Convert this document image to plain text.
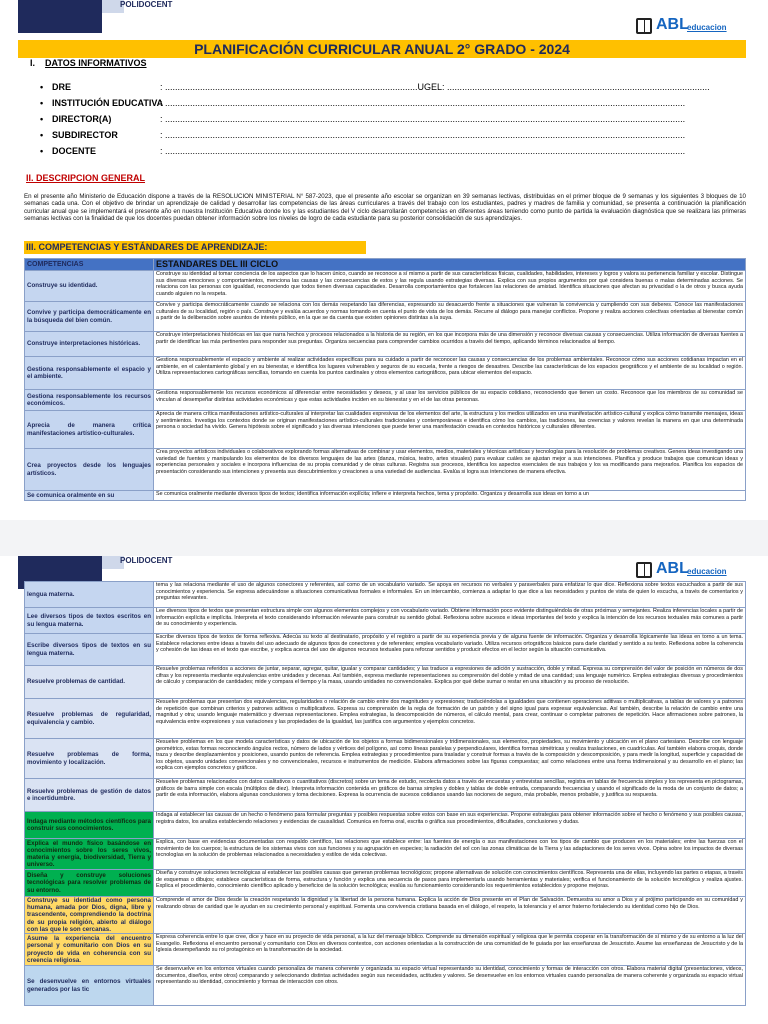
POLIDOCENT
ABL
educacion
PLANIFICACIÓN CURRICULAR ANUAL 2° GRADO - 2024
I. DATOS INFORMATIVOS
• DRE	: .....................................................................................................UGEL: .........................................................................................................
• INSTITUCIÓN EDUCATIVA
: ................................................................................................................................................................................................................
• DIRECTOR(A)	: ................................................................................................................................................................................................................
• SUBDIRECTOR	: ................................................................................................................................................................................................................
• DOCENTE	: ................................................................................................................................................................................................................
II. DESCRIPCION GENERAL
En el presente año Ministerio de Educación dispone a través de la RESOLUCION MINISTERIAL N° 587-2023, que el presente año escolar se organizan en 39 semanas lectivas, distribuidas en el primer bloque de 9 semanas y los siguientes 3 bloques de 10 semanas cada una. Con el objetivo de brindar un aprendizaje de calidad y desarrollar las competencias de las áreas curriculares a través del trabajo con los estudiantes, padres y madres de familia y comunidad, se presenta a continuación la planificación curricular anual que se implementará el presente año en nuestra Institución Educativa donde los y las estudiantes del V ciclo desarrollarán competencias en diferentes áreas teniendo como punto de partida la evaluación diagnóstica que se realizara las primeras semanas lectivas con la finalidad de que los docentes puedan obtener información sobre los niveles de logro de cada estudiante para su posterior consolidación de sus aprendizajes.
III. COMPETENCIAS Y ESTÁNDARES DE APRENDIZAJE:
COMPETENCIAS	ESTANDARES DEL III CICLO
Construye su identidad.	Construye su identidad al tomar conciencia de los aspectos que lo hacen único, cuando se reconoce a sí mismo a partir de sus características físicas, cualidades, habilidades, intereses y logros y valora su pertenencia familiar y escolar. Distingue sus diversas emociones y comportamientos, menciona las causas y las consecuencias de estos y las regula usando estrategias diversas. Explica con sus propios argumentos por qué considera buenas o malas determinadas acciones. Se relaciona con las personas con igualdad, reconociendo que todos tienen diversas capacidades. Desarrolla comportamientos que fortalecen las relaciones de amistad. Identifica situaciones que afectan su privacidad o la de otros y busca ayuda cuando alguien no la respeta.
Convive y participa democráticamente en la búsqueda del bien común.	Convive y participa democráticamente cuando se relaciona con los demás respetando las diferencias, expresando su desacuerdo frente a situaciones que vulneran la convivencia y cumpliendo con sus deberes. Conoce las manifestaciones culturales de su localidad, región o país. Construye y evalúa acuerdos y normas tomando en cuenta el punto de vista de los demás. Recurre al diálogo para manejar conflictos. Propone y realiza acciones colectivas orientadas al bienestar común a partir de la deliberación sobre asuntos de interés público, en la que se da cuenta que existen opiniones distintas a la suya.
Construye interpretaciones históricas.	Construye interpretaciones históricas en las que narra hechos y procesos relacionados a la historia de su región, en los que incorpora más de una dimensión y reconoce diversas causas y consecuencias. Utiliza información de diversas fuentes a partir de identificar las más pertinentes para responder sus preguntas. Organiza secuencias para comprender cambios ocurridos a través del tiempo, aplicando términos relacionados al tiempo.
Gestiona responsablemente el espacio y el ambiente.	Gestiona responsablemente el espacio y ambiente al realizar actividades específicas para su cuidado a partir de reconocer las causas y consecuencias de los problemas ambientales. Reconoce cómo sus acciones cotidianas impactan en el ambiente, en el calentamiento global y en su bienestar, e identifica los lugares vulnerables y seguros de su escuela, frente a riesgos de desastres. Describe las características de los espacios geográficos y el ambiente de su localidad o región. Utiliza representaciones cartográficas sencillas, tomando en cuenta los puntos cardinales y otros elementos cartográficos, para ubicar elementos del espacio.
Gestiona responsablemente los recursos económicos.	Gestiona responsablemente los recursos económicos al diferenciar entre necesidades y deseos, y al usar los servicios públicos de su espacio cotidiano, reconociendo que tienen un costo. Reconoce que los miembros de su comunidad se vinculan al desempeñar distintas actividades económicas y que estas actividades inciden en su bienestar y en el de las otras personas.
Aprecia de manera crítica manifestaciones artístico-culturales.	Aprecia de manera crítica manifestaciones artístico-culturales al interpretar las cualidades expresivas de los elementos del arte, la estructura y los medios utilizados en una manifestación artístico-cultural y explica cómo transmite mensajes, ideas y sentimientos. Investiga los contextos donde se originan manifestaciones artístico-culturales tradicionales y contemporáneas e identifica cómo los cambios, las tradiciones, las creencias y valores revelan la manera en que una determinada persona o sociedad ha vivido. Genera hipótesis sobre el significado y las diversas intenciones que puede tener una manifestación creada en contextos históricos y culturales diferentes.
Crea proyectos desde los lenguajes artísticos.	Crea proyectos artísticos individuales o colaborativos explorando formas alternativas de combinar y usar elementos, medios, materiales y técnicas artísticas y tecnologías para la resolución de problemas creativos. Genera ideas investigando una variedad de fuentes y manipulando los elementos de los diversos lenguajes de las artes (danza, música, teatro, artes visuales) para evaluar cuáles se ajustan mejor a sus intenciones. Planifica y produce trabajos que comunican ideas y experiencias personales y sociales e incorpora influencias de su propia comunidad y de otras culturas. Registra sus procesos, identifica los aspectos esenciales de sus trabajos y los va modificando para mejorarlos. Planifica los espacios de presentación considerando sus intenciones y presenta sus descubrimientos y creaciones a una variedad de audiencias. Evalúa si logra sus intenciones de manera efectiva.
Se comunica oralmente en su	Se comunica oralmente mediante diversos tipos de textos; identifica información explícita; infiere e interpreta hechos, tema y propósito. Organiza y desarrolla sus ideas en torno a un
POLIDOCENT	ABL
educacion
lengua materna.	tema y las relaciona mediante el uso de algunos conectores y referentes, así como de un vocabulario variado. Se apoya en recursos no verbales y paraverbales para enfatizar lo que dice. Reflexiona sobre textos escuchados a partir de sus conocimientos y experiencia. Se expresa adecuándose a situaciones comunicativas formales e informales. En un intercambio, comienza a adaptar lo que dice a las necesidades y puntos de vista de quien lo escucha, a través de comentarios y preguntas relevantes.
Lee diversos tipos de textos escritos en su lengua materna.	Lee diversos tipos de textos que presentan estructura simple con algunos elementos complejos y con vocabulario variado. Obtiene información poco evidente distinguiéndola de otras próximas y semejantes. Realiza inferencias locales a partir de información explícita e implícita. Interpreta el texto considerando información relevante para construir su sentido global. Reflexiona sobre sucesos e ideas importantes del texto y explica la intención de los recursos textuales más comunes a partir de su conocimiento y experiencia.
Escribe diversos tipos de textos en su lengua materna.	Escribe diversos tipos de textos de forma reflexiva. Adecúa su texto al destinatario, propósito y el registro a partir de su experiencia previa y de alguna fuente de información. Organiza y desarrolla lógicamente las ideas en torno a un tema. Establece relaciones entre ideas a través del uso adecuado de algunos tipos de conectores y de referentes; emplea vocabulario variado. Utiliza recursos ortográficos básicos para darle claridad y sentido a su texto. Reflexiona sobre la coherencia y cohesión de las ideas en el texto que escribe, y explica acerca del uso de algunos recursos textuales para reforzar sentidos y producir efectos en el lector según la situación comunicativa.
Resuelve problemas de cantidad.	Resuelve problemas referidos a acciones de juntar, separar, agregar, quitar, igualar y comparar cantidades; y las traduce a expresiones de adición y sustracción, doble y mitad. Expresa su comprensión del valor de posición en números de dos cifras y los representa mediante equivalencias entre unidades y decenas. Así también, expresa mediante representaciones su comprensión del doble y mitad de una cantidad; usa lenguaje numérico. Emplea estrategias diversas y procedimientos de cálculo y comparación de cantidades; mide y compara el tiempo y la masa, usando unidades no convencionales. Explica por qué debe sumar o restar en una situación y su proceso de resolución.
Resuelve problemas de regularidad, equivalencia y cambio.	Resuelve problemas que presentan dos equivalencias, regularidades o relación de cambio entre dos magnitudes y expresiones; traduciéndolas a igualdades que contienen operaciones aditivas o multiplicativas, a tablas de valores y a patrones de repetición que combinan criterios y patrones aditivos o multiplicativos. Expresa su comprensión de la regla de formación de un patrón y del signo igual para expresar equivalencias. Así también, describe la relación de cambio entre una magnitud y otra; usando lenguaje matemático y diversas representaciones. Emplea estrategias, la descomposición de números, el cálculo mental, para crear, continuar o completar patrones de repetición. Hace afirmaciones sobre patrones, la equivalencia entre expresiones y sus variaciones y las propiedades de la igualdad, las justifica con argumentos y ejemplos concretos.
Resuelve problemas de forma, movimiento y localización.	Resuelve problemas en los que modela características y datos de ubicación de los objetos a formas bidimensionales y tridimensionales, sus elementos, propiedades, su movimiento y ubicación en el plano cartesiano. Describe con lenguaje geométrico, estas formas reconociendo ángulos rectos, número de lados y vértices del polígono, así como líneas paralelas y perpendiculares, identifica formas simétricas y realiza traslaciones, en cuadrículas. Así también elabora croquis, donde traza y describe desplazamientos y posiciones, usando puntos de referencia. Emplea estrategias y procedimientos para trasladar y construir formas a través de la composición y descomposición, y para medir la longitud, superficie y capacidad de los objetos, usando unidades convencionales y no convencionales, recursos e instrumentos de medición. Elabora afirmaciones sobre las figuras compuestas; así como relaciones entre una forma tridimensional y su desarrollo en el plano; las explica con ejemplos concretos y gráficos.
Resuelve problemas de gestión de datos e incertidumbre.	Resuelve problemas relacionados con datos cualitativos o cuantitativos (discretos) sobre un tema de estudio, recolecta datos a través de encuestas y entrevistas sencillas, registra en tablas de frecuencia simples y los representa en pictogramas, gráficos de barra simple con escala (múltiplos de diez). Interpreta información contenida en gráficos de barras simples y dobles y tablas de doble entrada, comparando frecuencias y usando el significado de la moda de un conjunto de datos; a partir de esta información, elabora algunas conclusiones y toma decisiones. Expresa la ocurrencia de sucesos cotidianos usando las nociones de seguro, más probable, menos probable, y justifica su respuesta.
Indaga mediante métodos científicos para construir sus conocimientos.	Indaga al establecer las causas de un hecho o fenómeno para formular preguntas y posibles respuestas sobre estos con base en sus experiencias. Propone estrategias para obtener información sobre el hecho o fenómeno y sus posibles causas, registra datos, los analiza estableciendo relaciones y evidencias de causalidad. Comunica en forma oral, escrita o gráfica sus procedimientos, dificultades, conclusiones y dudas.
Explica el mundo físico basándose en conocimientos sobre los seres vivos, materia y energía, biodiversidad, Tierra y universo.	Explica, con base en evidencias documentadas con respaldo científico, las relaciones que establece entre: las fuentes de energía o sus manifestaciones con los tipos de cambio que producen en los materiales; entre las fuerzas con el movimiento de los cuerpos; la estructura de los sistemas vivos con sus funciones y su agrupación en especies; la radiación del sol con las zonas climáticas de la Tierra y las adaptaciones de los seres vivos. Opina sobre los impactos de diversas tecnologías en la solución de problemas relacionados a necesidades y estilos de vida colectivas.
Diseña y construye soluciones tecnológicas para resolver problemas de su entorno.	Diseña y construye soluciones tecnológicas al establecer las posibles causas que generan problemas tecnológicos; propone alternativas de solución con conocimientos científicos. Representa una de ellas, incluyendo las partes o etapas, a través de esquemas o dibujos; establece características de forma, estructura y función y explica una secuencia de pasos para implementarla usando herramientas y materiales; verifica el funcionamiento de la solución tecnológica y realiza ajustes. Explica el procedimiento, conocimiento científico aplicado y beneficios de la solución tecnológica; evalúa su funcionamiento considerando los requerimientos establecidos y propone mejoras.
Construye su identidad como persona humana, amada por Dios, digna, libre y trascendente, comprendiendo la doctrina de su propia religión, abierto al diálogo con las que le son cercanas.	Comprende el amor de Dios desde la creación respetando la dignidad y la libertad de la persona humana. Explica la acción de Dios presente en el Plan de Salvación. Demuestra su amor a Dios y al prójimo participando en su comunidad y realizando obras de caridad que le ayudan en su crecimiento personal y espiritual. Fomenta una convivencia cristiana basada en el diálogo, el respeto, la tolerancia y el amor fraterno fortaleciendo su identidad como hijo de Dios.
Asume la experiencia del encuentro personal y comunitario con Dios en su proyecto de vida en coherencia con su creencia religiosa.	Expresa coherencia entre lo que cree, dice y hace en su proyecto de vida personal, a la luz del mensaje bíblico. Comprende su dimensión espiritual y religiosa que le permita cooperar en la transformación de sí mismo y de su entorno a la luz del Evangelio. Reflexiona el encuentro personal y comunitario con Dios en diversos contextos, con acciones orientadas a la construcción de una comunidad de fe guiada por las enseñanzas de Jesucristo. Asume las enseñanzas de Jesucristo y de la Iglesia desempeñando su rol protagónico en la transformación de la sociedad.
Se desenvuelve en entornos virtuales generados por las tic	Se desenvuelve en los entornos virtuales cuando personaliza de manera coherente y organizada su espacio virtual representando su identidad, conocimiento y formas de interacción con otros. Elabora material digital (presentaciones, videos, documentos, diseños, entre otros) comparando y seleccionando distintas actividades según sus necesidades, actitudes y valores. Se desenvuelve en los entornos virtuales cuando personaliza de manera coherente y organizada su espacio virtual representando su identidad, conocimiento y formas de interacción con otros.
